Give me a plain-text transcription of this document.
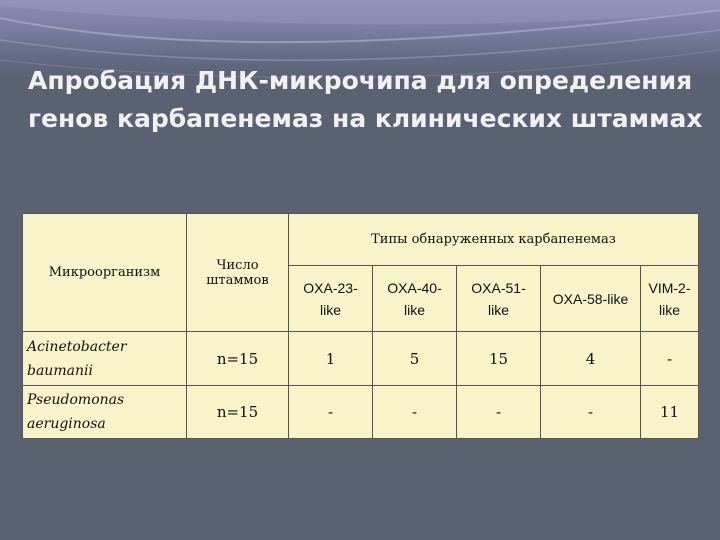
Апробация ДНК-микрочипа для определения генов карбапенемаз на клинических штаммах
Микроорганизм	Число штаммов	Типы обнаруженных карбапенемаз				
		OXA-23-like	OXA-40-like	OXA-51-like	OXA-58-like	VIM-2-like
Acinetobacter baumanii	n=15	1	5	15	4	-
Pseudomonas aeruginosa	n=15	-	-	-	-	11
